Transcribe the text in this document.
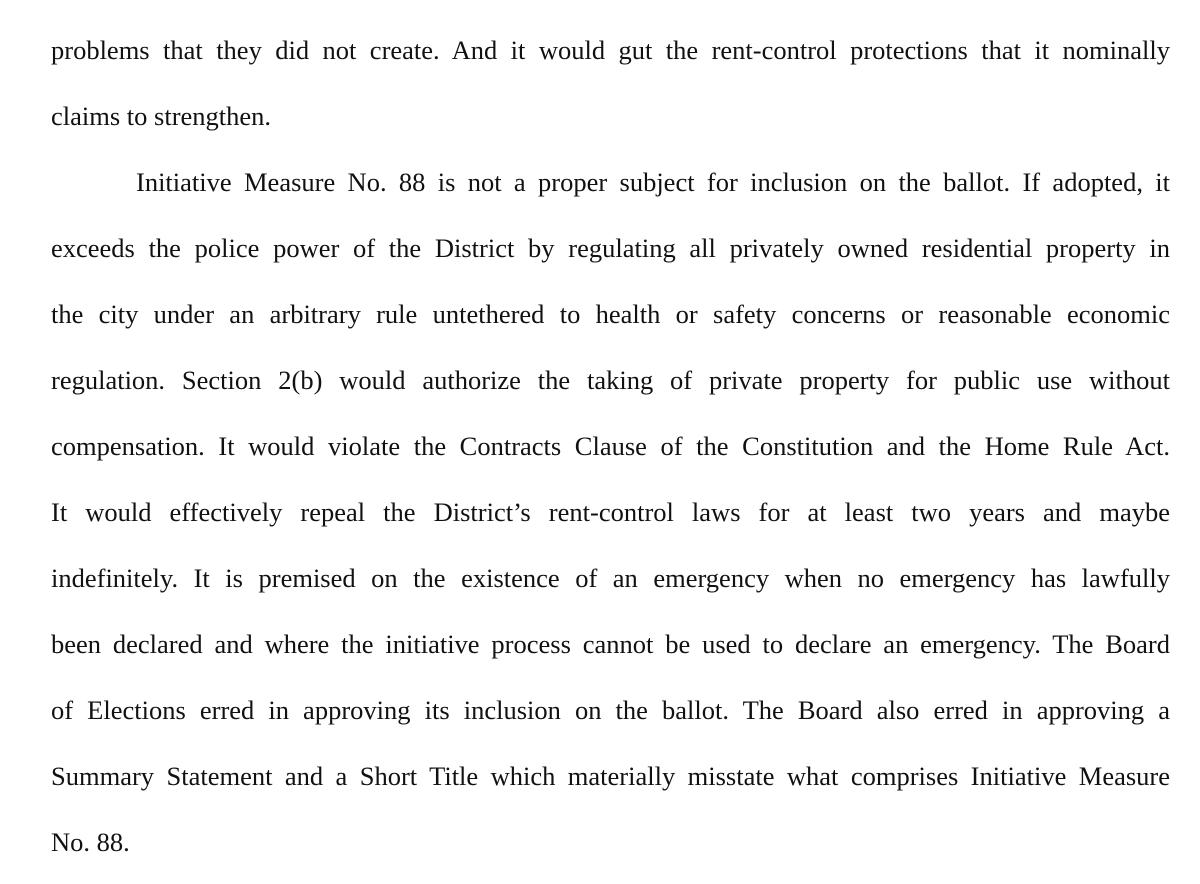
problems that they did not create. And it would gut the rent-control protections that it nominally
claims to strengthen.
Initiative Measure No. 88 is not a proper subject for inclusion on the ballot. If adopted, it
exceeds the police power of the District by regulating all privately owned residential property in
the city under an arbitrary rule untethered to health or safety concerns or reasonable economic
regulation. Section 2(b) would authorize the taking of private property for public use without
compensation. It would violate the Contracts Clause of the Constitution and the Home Rule Act.
It would effectively repeal the District’s rent-control laws for at least two years and maybe
indefinitely. It is premised on the existence of an emergency when no emergency has lawfully
been declared and where the initiative process cannot be used to declare an emergency. The Board
of Elections erred in approving its inclusion on the ballot. The Board also erred in approving a
Summary Statement and a Short Title which materially misstate what comprises Initiative Measure
No. 88.
